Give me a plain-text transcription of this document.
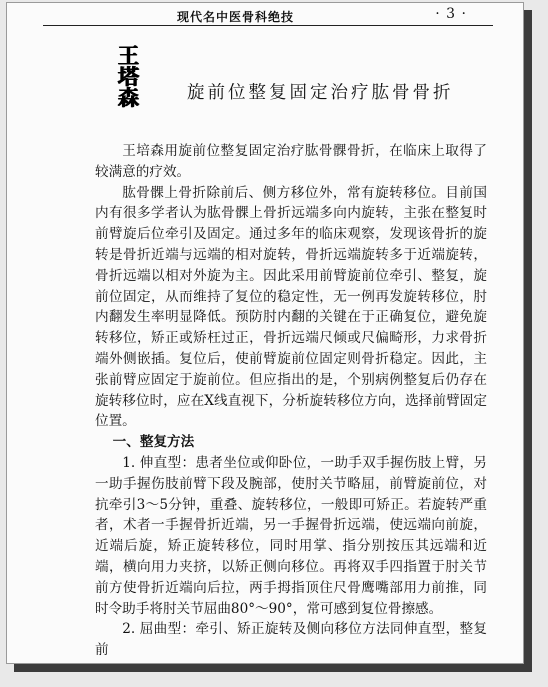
现代名中医骨科绝技	· 3 ·
王
塔
森	旋前位整复固定治疗肱骨骨折

王培森用旋前位整复固定治疗肱骨髁骨折，在临床上取得了较满意的疗效。

肱骨髁上骨折除前后、侧方移位外，常有旋转移位。目前国内有很多学者认为肱骨髁上骨折远端多向内旋转，主张在整复时前臂旋后位牵引及固定。通过多年的临床观察，发现该骨折的旋转是骨折近端与远端的相对旋转，骨折远端旋转多于近端旋转，骨折远端以相对外旋为主。因此采用前臂旋前位牵引、整复，旋前位固定，从而维持了复位的稳定性，无一例再发旋转移位，肘内翻发生率明显降低。预防肘内翻的关键在于正确复位，避免旋转移位，矫正或矫枉过正，骨折远端尺倾或尺偏畸形，力求骨折端外侧嵌插。复位后，使前臂旋前位固定则骨折稳定。因此，主张前臂应固定于旋前位。但应指出的是，个别病例整复后仍存在旋转移位时，应在X线直视下，分析旋转移位方向，选择前臂固定位置。

一、整复方法

1. 伸直型：患者坐位或仰卧位，一助手双手握伤肢上臂，另一助手握伤肢前臂下段及腕部，使肘关节略屈，前臂旋前位，对抗牵引3～5分钟，重叠、旋转移位，一般即可矫正。若旋转严重者，术者一手握骨折近端，另一手握骨折远端，使远端向前旋，近端后旋，矫正旋转移位，同时用掌、指分别按压其远端和近端，横向用力夹挤，以矫正侧向移位。再将双手四指置于肘关节前方使骨折近端向后拉，两手拇指顶住尺骨鹰嘴部用力前推，同时令助手将肘关节屈曲80°～90°，常可感到复位骨擦感。

2. 屈曲型：牵引、矫正旋转及侧向移位方法同伸直型，整复前
